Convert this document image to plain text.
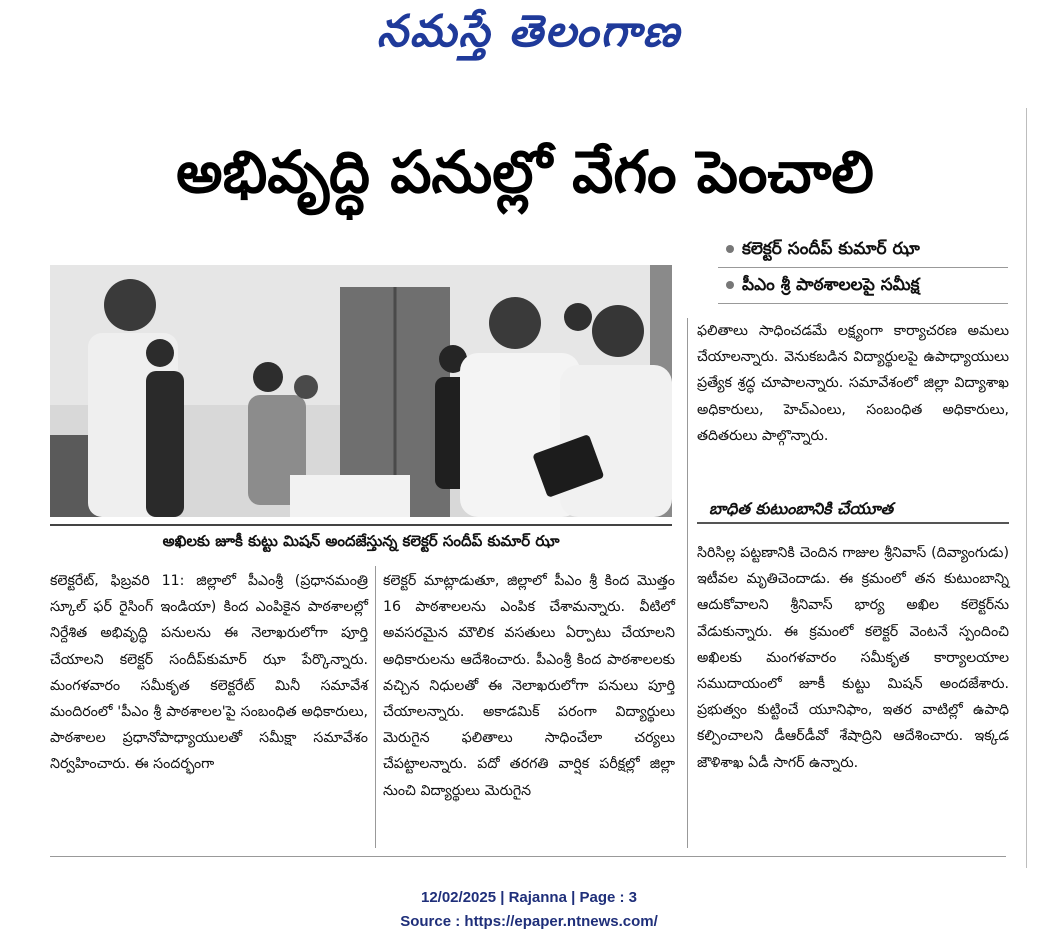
నమస్తే తెలంగాణ
అభివృద్ధి పనుల్లో వేగం పెంచాలి
కలెక్టర్ సందీప్ కుమార్ ఝా
పీఎం శ్రీ పాఠశాలలపై సమీక్ష
అఖిలకు జూకీ కుట్టు మిషన్ అందజేస్తున్న కలెక్టర్ సందీప్ కుమార్ ఝా

కలెక్టరేట్, ఫిబ్రవరి 11: జిల్లాలో పీఎంశ్రీ (ప్రధానమంత్రి స్కూల్ ఫర్ రైసింగ్ ఇండియా) కింద ఎంపికైన పాఠశాలల్లో నిర్దేశిత అభివృద్ధి పనులను ఈ నెలాఖరులోగా పూర్తి చేయాలని కలెక్టర్ సందీప్‌కుమార్ ఝా పేర్కొన్నారు. మంగళవారం సమీకృత కలెక్టరేట్ మినీ సమావేశ మందిరంలో 'పీఎం శ్రీ పాఠశాలల'పై సంబంధిత అధికారులు, పాఠశాలల ప్రధానోపాధ్యాయులతో సమీక్షా సమావేశం నిర్వహించారు. ఈ సందర్భంగా

కలెక్టర్ మాట్లాడుతూ, జిల్లాలో పీఎం శ్రీ కింద మొత్తం 16 పాఠశాలలను ఎంపిక చేశామన్నారు. వీటిలో అవసరమైన మౌలిక వసతులు ఏర్పాటు చేయాలని అధికారులను ఆదేశించారు. పీఎంశ్రీ కింద పాఠశాలలకు వచ్చిన నిధులతో ఈ నెలాఖరులోగా పనులు పూర్తి చేయాలన్నారు. అకాడమిక్ పరంగా విద్యార్థులు మెరుగైన ఫలితాలు సాధించేలా చర్యలు చేపట్టాలన్నారు. పదో తరగతి వార్షిక పరీక్షల్లో జిల్లా నుంచి విద్యార్థులు మెరుగైన

ఫలితాలు సాధించడమే లక్ష్యంగా కార్యాచరణ అమలు చేయాలన్నారు. వెనుకబడిన విద్యార్థులపై ఉపాధ్యాయులు ప్రత్యేక శ్రద్ధ చూపాలన్నారు. సమావేశంలో జిల్లా విద్యాశాఖ అధికారులు, హెచ్‌ఎంలు, సంబంధిత అధికారులు, తదితరులు పాల్గొన్నారు.

బాధిత కుటుంబానికి చేయూత

సిరిసిల్ల పట్టణానికి చెందిన గాజుల శ్రీనివాస్ (దివ్యాంగుడు) ఇటీవల మృతిచెందాడు. ఈ క్రమంలో తన కుటుంబాన్ని ఆదుకోవాలని శ్రీనివాస్ భార్య అఖిల కలెక్టర్‌ను వేడుకున్నారు. ఈ క్రమంలో కలెక్టర్ వెంటనే స్పందించి అఖిలకు మంగళవారం సమీకృత కార్యాలయాల సముదాయంలో జూకీ కుట్టు మిషన్ అందజేశారు. ప్రభుత్వం కుట్టించే యూనిఫాం, ఇతర వాటిల్లో ఉపాధి కల్పించాలని డీఆర్‌డీవో శేషాద్రిని ఆదేశించారు. ఇక్కడ జౌళిశాఖ ఏడీ సాగర్ ఉన్నారు.

12/02/2025 | Rajanna | Page : 3
Source : https://epaper.ntnews.com/
